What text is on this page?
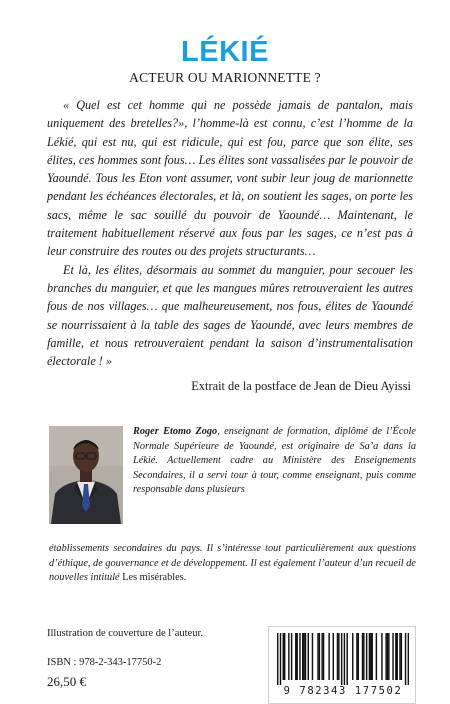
LÉKIÉ
ACTEUR OU MARIONNETTE ?

« Quel est cet homme qui ne possède jamais de pantalon, mais uniquement des bretelles?», l’homme-là est connu, c’est l’homme de la Lékié, qui est nu, qui est ridicule, qui est fou, parce que son élite, ses élites, ces hommes sont fous… Les élites sont vassalisées par le pouvoir de Yaoundé. Tous les Eton vont assumer, vont subir leur joug de marionnette pendant les échéances électorales, et là, on soutient les sages, on porte les sacs, même le sac souillé du pouvoir de Yaoundé… Maintenant, le traitement habituellement réservé aux fous par les sages, ce n’est pas à leur construire des routes ou des projets structurants…

Et là, les élites, désormais au sommet du manguier, pour secouer les branches du manguier, et que les mangues mûres retrouveraient les autres fous de nos villages… que malheureusement, nos fous, élites de Yaoundé se nourrissaient à la table des sages de Yaoundé, avec leurs membres de famille, et nous retrouveraient pendant la saison d’instrumentalisation électorale ! »

Extrait de la postface de Jean de Dieu Ayissi
Roger Etomo Zogo, enseignant de formation, diplômé de l’École Normale Supérieure de Yaoundé, est originaire de Sa’a dans la Lékié. Actuellement cadre au Ministère des Enseignements Secondaires, il a servi tour à tour, comme enseignant, puis comme responsable dans plusieurs
établissements secondaires du pays. Il s’intéresse tout particulièrement aux questions d’éthique, de gouvernance et de développement. Il est également l’auteur d’un recueil de nouvelles intitulé Les misérables.
Illustration de couverture de l’auteur.
ISBN : 978-2-343-17750-2
26,50 €
9 782343 177502
